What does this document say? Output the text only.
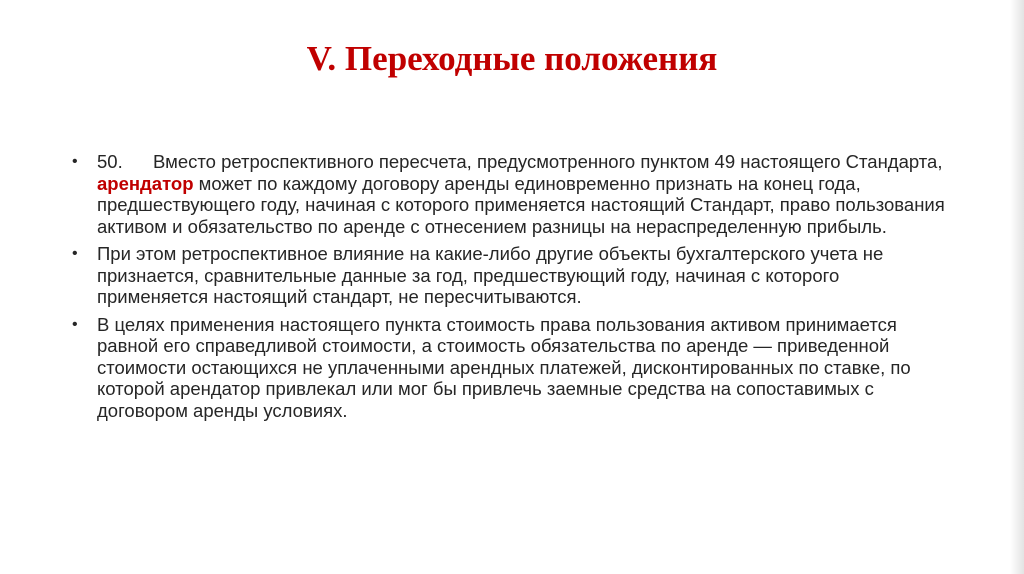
V. Переходные положения
• 50. Вместо ретроспективного пересчета, предусмотренного пунктом 49 настоящего Стандарта, арендатор может по каждому договору аренды единовременно признать на конец года, предшествующего году, начиная с которого применяется настоящий Стандарт, право пользования активом и обязательство по аренде с отнесением разницы на нераспределенную прибыль.
• При этом ретроспективное влияние на какие-либо другие объекты бухгалтерского учета не признается, сравнительные данные за год, предшествующий году, начиная с которого применяется настоящий стандарт, не пересчитываются.
• В целях применения настоящего пункта стоимость права пользования активом принимается равной его справедливой стоимости, а стоимость обязательства по аренде — приведенной стоимости остающихся не уплаченными арендных платежей, дисконтированных по ставке, по которой арендатор привлекал или мог бы привлечь заемные средства на сопоставимых с договором аренды условиях.
